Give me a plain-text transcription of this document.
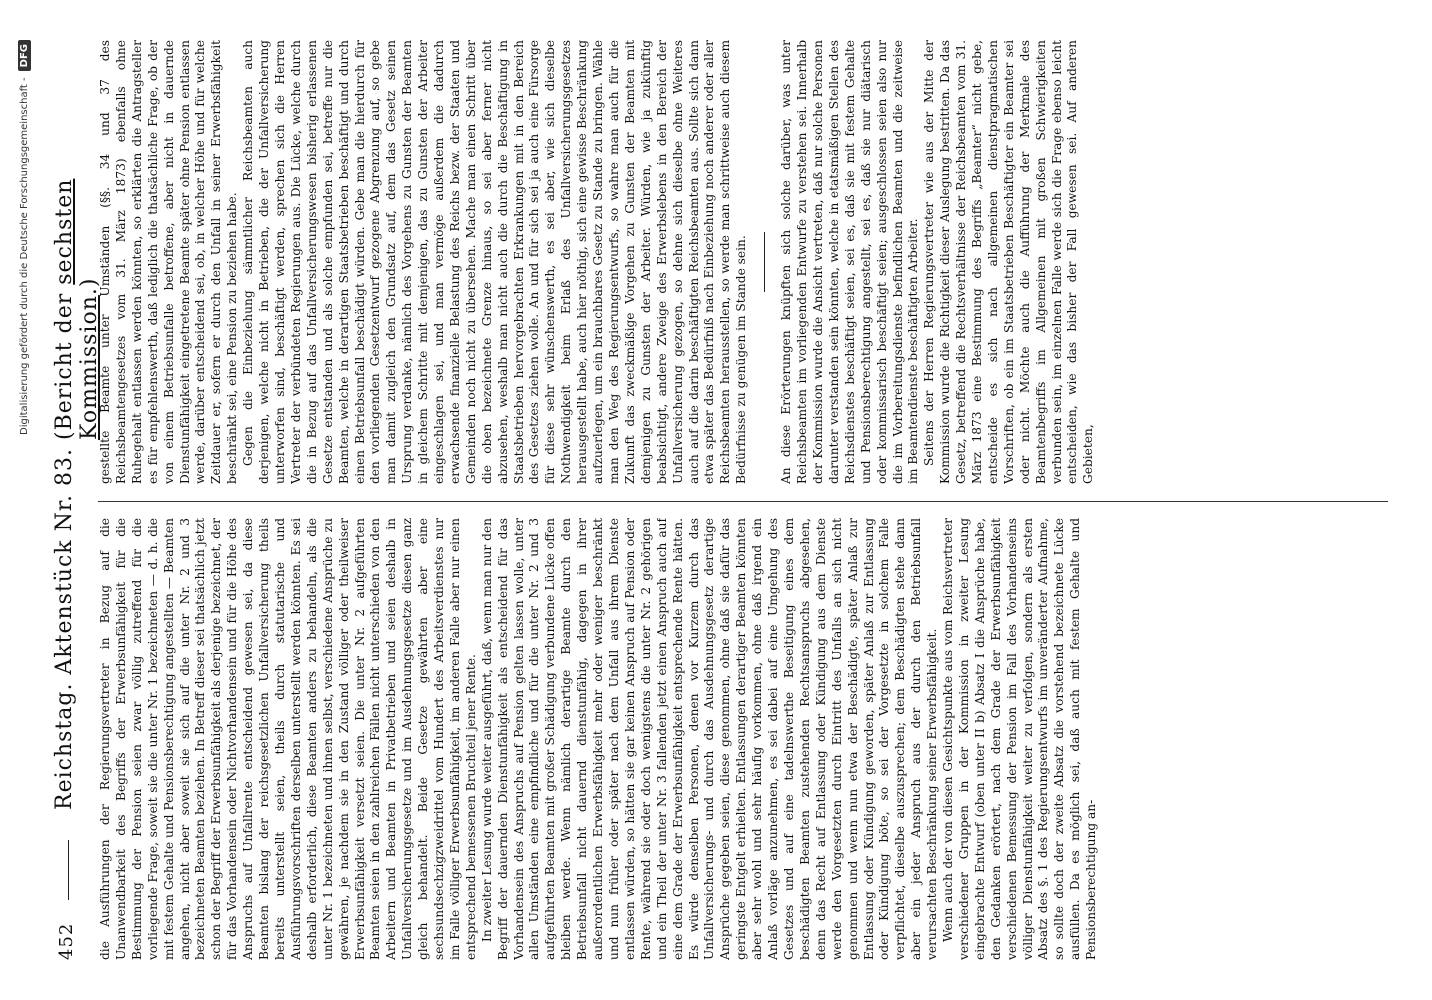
Digitalisierung gefördert durch die Deutsche Forschungsgemeinschaft -
DFG
452
Reichstag. Aktenstück Nr. 83.
(Bericht der sechsten Kommission.)

die Ausführungen der Regierungsvertreter in Bezug auf die Unanwendbarkeit des Begriffs der Erwerbsunfähigkeit für die Bestimmung der Pension seien zwar völlig zutreffend für die vorliegende Frage, soweit sie die unter Nr. 1 bezeichneten — d. h. die mit festem Gehalte und Pensionsberechtigung angestellten — Beamten angehen, nicht aber soweit sie sich auf die unter Nr. 2 und 3 bezeichneten Beamten beziehen. In Betreff dieser sei thatsächlich jetzt schon der Begriff der Erwerbsunfähigkeit als derjenige bezeichnet, der für das Vorhandensein oder Nichtvorhandensein und für die Höhe des Anspruchs auf Unfallrente entscheidend gewesen sei, da diese Beamten bislang der reichsgesetzlichen Unfallversicherung theils bereits unterstellt seien, theils durch statutarische und Ausführungsvorschriften derselben unterstellt werden könnten. Es sei deshalb erforderlich, diese Beamten anders zu behandeln, als die unter Nr. 1 bezeichneten und ihnen selbst, verschiedene Ansprüche zu gewähren, je nachdem sie in den Zustand völliger oder theilweiser Erwerbsunfähigkeit versetzt seien. Die unter Nr. 2 aufgeführten Beamten seien in den zahlreichen Fällen nicht unterschieden von den Arbeitern und Beamten in Privatbetrieben und seien deshalb in Unfallversicherungsgesetze und im Ausdehnungsgesetze diesen ganz gleich behandelt. Beide Gesetze gewährten aber eine sechsundsechzigzweidrittel vom Hundert des Arbeitsverdienstes nur im Falle völliger Erwerbsunfähigkeit, im anderen Falle aber nur einen entsprechend bemessenen Bruchteil jener Rente. In zweiter Lesung wurde weiter ausgeführt, daß, wenn man nur den Begriff der dauernden Dienstunfähigkeit als entscheidend für das Vorhandensein des Anspruchs auf Pension gelten lassen wolle, unter allen Umständen eine empfindliche und für die unter Nr. 2 und 3 aufgeführten Beamten mit großer Schädigung verbundene Lücke offen bleiben werde. Wenn nämlich derartige Beamte durch den Betriebsunfall nicht dauernd dienstunfähig, dagegen in ihrer außerordentlichen Erwerbsfähigkeit mehr oder weniger beschränkt und nun früher oder später nach dem Unfall aus ihrem Dienste entlassen würden, so hätten sie gar keinen Anspruch auf Pension oder Rente, während sie oder doch wenigstens die unter Nr. 2 gehörigen und ein Theil der unter Nr. 3 fallenden jetzt einen Anspruch auch auf eine dem Grade der Erwerbsunfähigkeit entsprechende Rente hätten. Es würde denselben Personen, denen vor Kurzem durch das Unfallversicherungs- und durch das Ausdehnungsgesetz derartige Ansprüche gegeben seien, diese genommen, ohne daß sie dafür das geringste Entgelt erhielten. Entlassungen derartiger Beamten könnten aber sehr wohl und sehr häufig vorkommen, ohne daß irgend ein Anlaß vorläge anzunehmen, es sei dabei auf eine Umgehung des Gesetzes und auf eine tadelnswerthe Beseitigung eines dem beschädigten Beamten zustehenden Rechtsanspruchs abgesehen, denn das Recht auf Entlassung oder Kündigung aus dem Dienste werde den Vorgesetzten durch Eintritt des Unfalls an sich nicht genommen und wenn nun etwa der Beschädigte, später Anlaß zur Entlassung oder Kündigung geworden, später Anlaß zur Entlassung oder Kündigung böte, so sei der Vorgesetzte in solchem Falle verpflichtet, dieselbe auszusprechen; dem Beschädigten stehe dann aber ein jeder Anspruch aus der durch den Betriebsunfall verursachten Beschränkung seiner Erwerbsfähigkeit. Wenn auch der von diesen Gesichtspunkte aus vom Reichsvertreter verschiedener Gruppen in der Kommission in zweiter Lesung eingebrachte Entwurf (oben unter II b) Absatz I die Ansprüche habe, den Gedanken erörtert, nach dem Grade der Erwerbsunfähigkeit verschiedenen Bemessung der Pension im Fall des Vorhandenseins völliger Dienstunfähigkeit weiter zu verfolgen, sondern als ersten Absatz des §. 1 des Regierungsentwurfs im unveränderter Aufnahme, so sollte doch der zweite Absatz die vorstehend bezeichnete Lücke ausfüllen. Da es möglich sei, daß auch mit festem Gehalte und Pensionsberechtigung an-

gestellte Beamte unter Umständen (§§. 34 und 37 des Reichsbeamtengesetzes vom 31. März 1873) ebenfalls ohne Ruhegehalt entlassen werden könnten, so erklärten die Antragsteller es für empfehlenswerth, daß lediglich die thatsächliche Frage, ob der von einem Betriebsunfalle betroffene, aber nicht in dauernde Dienstunfähigkeit eingetretene Beamte später ohne Pension entlassen werde, darüber entscheidend sei, ob, in welcher Höhe und für welche Zeitdauer er, sofern er durch den Unfall in seiner Erwerbsfähigkeit beschränkt sei, eine Pension zu beziehen habe. Gegen die Einbeziehung sämmtlicher Reichsbeamten auch derjenigen, welche nicht in Betrieben, die der Unfallversicherung unterworfen sind, beschäftigt werden, sprechen sich die Herren Vertreter der verbündeten Regierungen aus. Die Lücke, welche durch die in Bezug auf das Unfallversicherungswesen bisherig erlassenen Gesetze entstanden und als solche empfunden sei, betreffe nur die Beamten, welche in derartigen Staatsbetrieben beschäftigt und durch einen Betriebsunfall beschädigt würden. Gebe man die hierdurch für den vorliegenden Gesetzentwurf gezogene Abgrenzung auf, so gebe man damit zugleich den Grundsatz auf, dem das Gesetz seinen Ursprung verdanke, nämlich des Vorgehens zu Gunsten der Beamten in gleichem Schritte mit demjenigen, das zu Gunsten der Arbeiter eingeschlagen sei, und man vermöge außerdem die dadurch erwachsende finanzielle Belastung des Reichs bezw. der Staaten und Gemeinden noch nicht zu übersehen. Mache man einen Schritt über die oben bezeichnete Grenze hinaus, so sei aber ferner nicht abzusehen, weshalb man nicht auch die durch die Beschäftigung in Staatsbetrieben hervorgebrachten Erkrankungen mit in den Bereich des Gesetzes ziehen wolle. An und für sich sei ja auch eine Fürsorge für diese sehr wünschenswerth, es sei aber, wie sich dieselbe Nothwendigkeit beim Erlaß des Unfallversicherungsgesetzes herausgestellt habe, auch hier nöthig, sich eine gewisse Beschränkung aufzuerlegen, um ein brauchbares Gesetz zu Stande zu bringen. Wähle man den Weg des Regierungsentwurfs, so wahre man auch für die Zukunft das zweckmäßige Vorgehen zu Gunsten der Beamten mit demjenigen zu Gunsten der Arbeiter. Würden, wie ja zukünftig beabsichtigt, andere Zweige des Erwerbslebens in den Bereich der Unfallversicherung gezogen, so dehne sich dieselbe ohne Weiteres auch auf die darin beschäftigten Reichsbeamten aus. Sollte sich dann etwa später das Bedürfniß nach Einbeziehung noch anderer oder aller Reichsbeamten herausstellen, so werde man schrittweise auch diesem Bedürfnisse zu genügen im Stande sein.	An diese Erörterungen knüpften sich solche darüber, was unter Reichsbeamten im vorliegenden Entwurfe zu verstehen sei. Innerhalb der Kommission wurde die Ansicht vertreten, daß nur solche Personen darunter verstanden sein könnten, welche in etatsmäßigen Stellen des Reichsdienstes beschäftigt seien, sei es, daß sie mit festem Gehalte und Pensionsberechtigung angestellt, sei es, daß sie nur diätarisch oder kommissarisch beschäftigt seien; ausgeschlossen seien also nur die im Vorbereitungsdienste befindlichen Beamten und die zeitweise im Beamtendienste beschäftigten Arbeiter. Seitens der Herren Regierungsvertreter wie aus der Mitte der Kommission wurde die Richtigkeit dieser Auslegung bestritten. Da das Gesetz, betreffend die Rechtsverhältnisse der Reichsbeamten vom 31. März 1873 eine Bestimmung des Begriffs „Beamter“ nicht gebe, entscheide es sich nach allgemeinen dienstpragmatischen Vorschriften, ob ein im Staatsbetrieben Beschäftigter ein Beamter sei oder nicht. Möchte auch die Aufführung der Merkmale des Beamtenbegriffs im Allgemeinen mit großen Schwierigkeiten verbunden sein, im einzelnen Falle werde sich die Frage ebenso leicht entscheiden, wie das bisher der Fall gewesen sei. Auf anderen Gebieten,
